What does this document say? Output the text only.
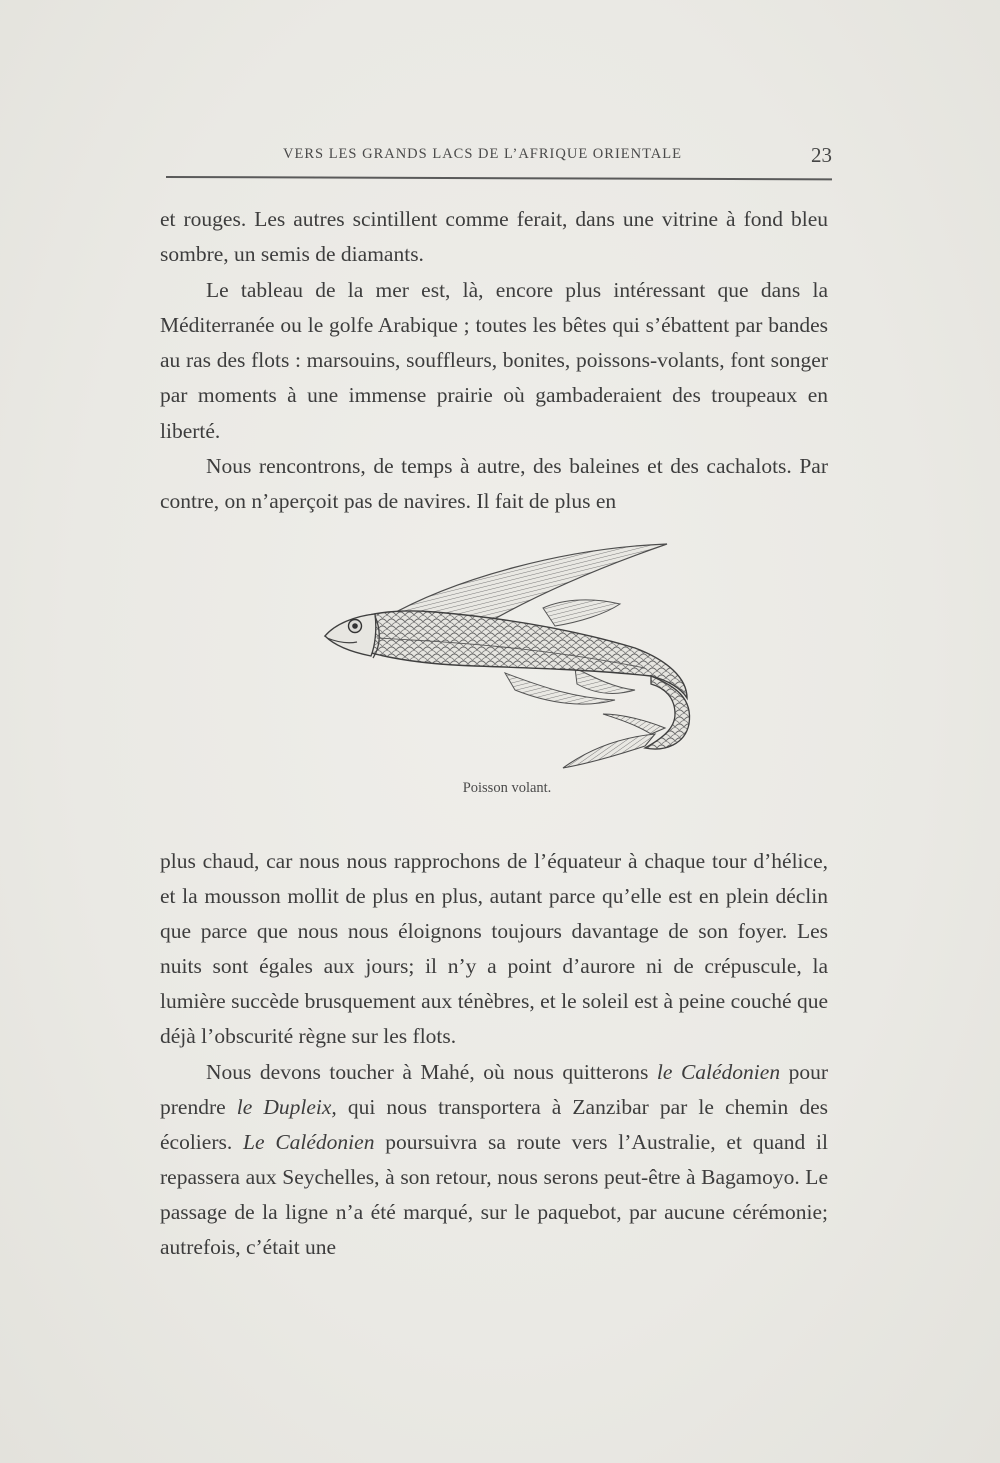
VERS LES GRANDS LACS DE L’AFRIQUE ORIENTALE	23

et rouges. Les autres scintillent comme ferait, dans une vitrine à fond bleu sombre, un semis de diamants.

Le tableau de la mer est, là, encore plus intéressant que dans la Méditerranée ou le golfe Arabique ; toutes les bêtes qui s’ébattent par bandes au ras des flots : marsouins, souffleurs, bonites, poissons-volants, font songer par moments à une immense prairie où gambaderaient des troupeaux en liberté.

Nous rencontrons, de temps à autre, des baleines et des cachalots. Par contre, on n’aperçoit pas de navires. Il fait de plus en

Poisson volant.

plus chaud, car nous nous rapprochons de l’équateur à chaque tour d’hélice, et la mousson mollit de plus en plus, autant parce qu’elle est en plein déclin que parce que nous nous éloignons toujours davantage de son foyer. Les nuits sont égales aux jours; il n’y a point d’aurore ni de crépuscule, la lumière succède brusquement aux ténèbres, et le soleil est à peine couché que déjà l’obscurité règne sur les flots.

Nous devons toucher à Mahé, où nous quitterons le Calédonien pour prendre le Dupleix, qui nous transportera à Zanzibar par le chemin des écoliers. Le Calédonien poursuivra sa route vers l’Australie, et quand il repassera aux Seychelles, à son retour, nous serons peut-être à Bagamoyo. Le passage de la ligne n’a été marqué, sur le paquebot, par aucune cérémonie; autrefois, c’était une
